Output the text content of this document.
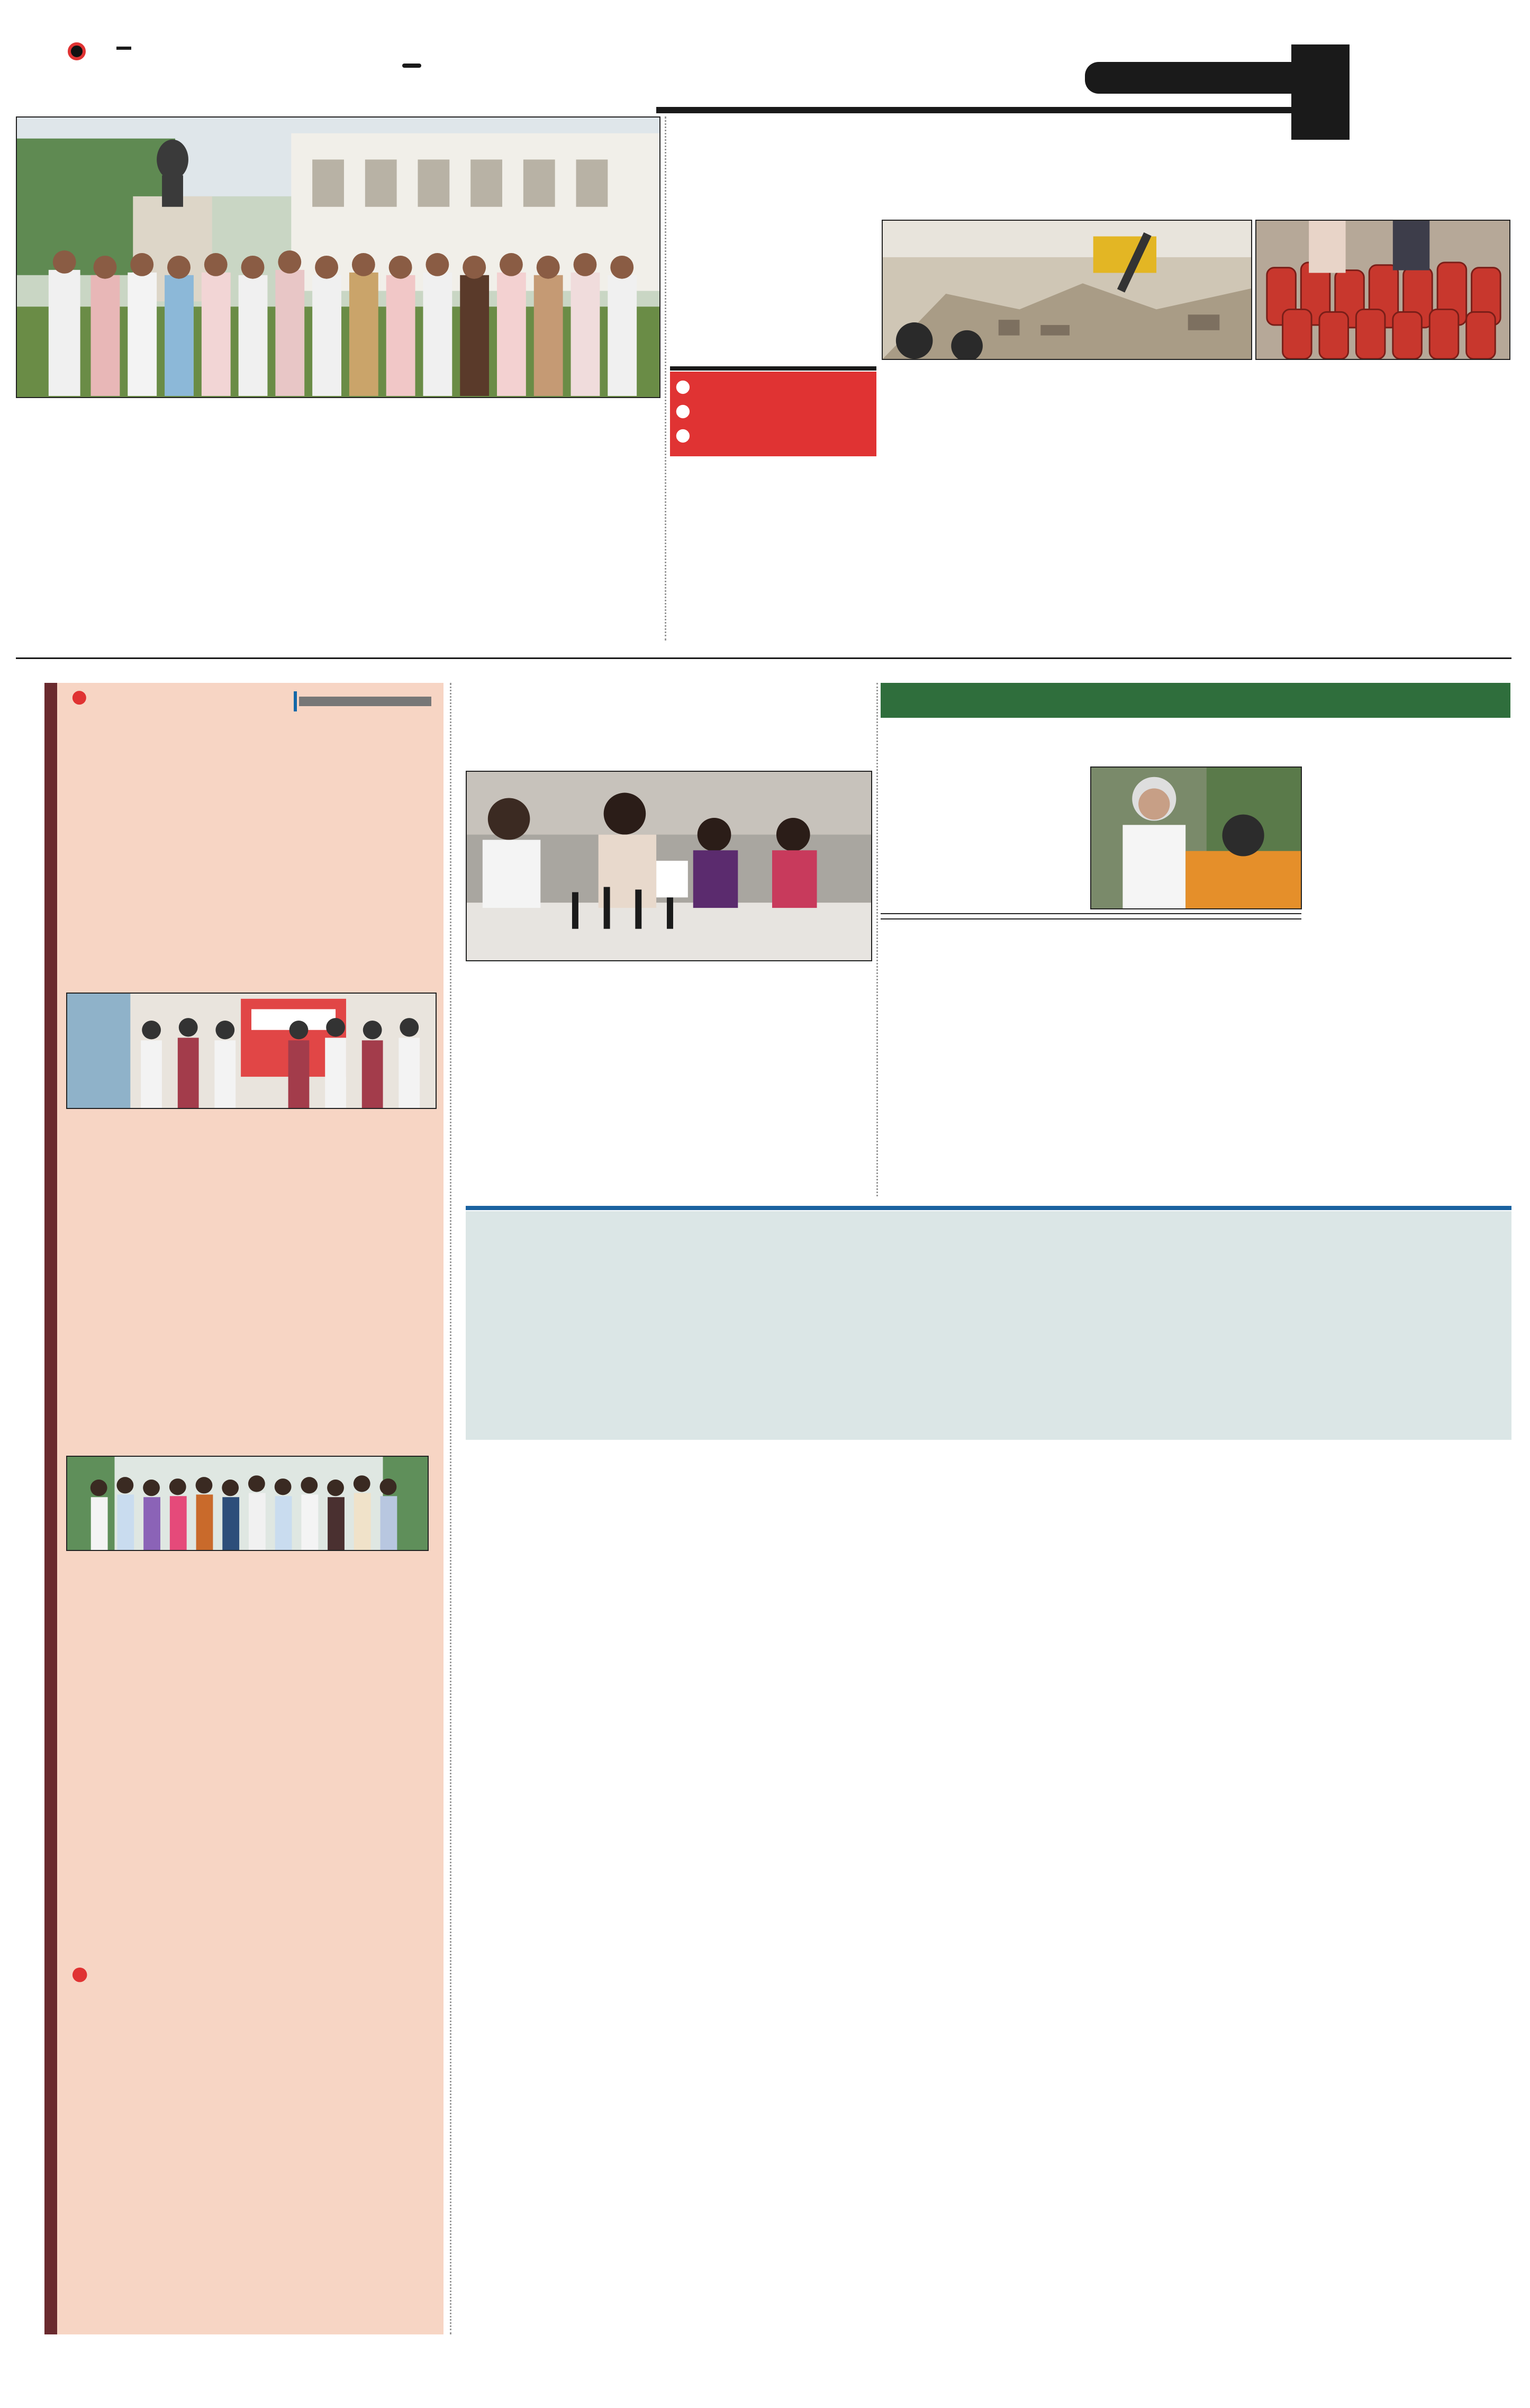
●
●
●
●
●
